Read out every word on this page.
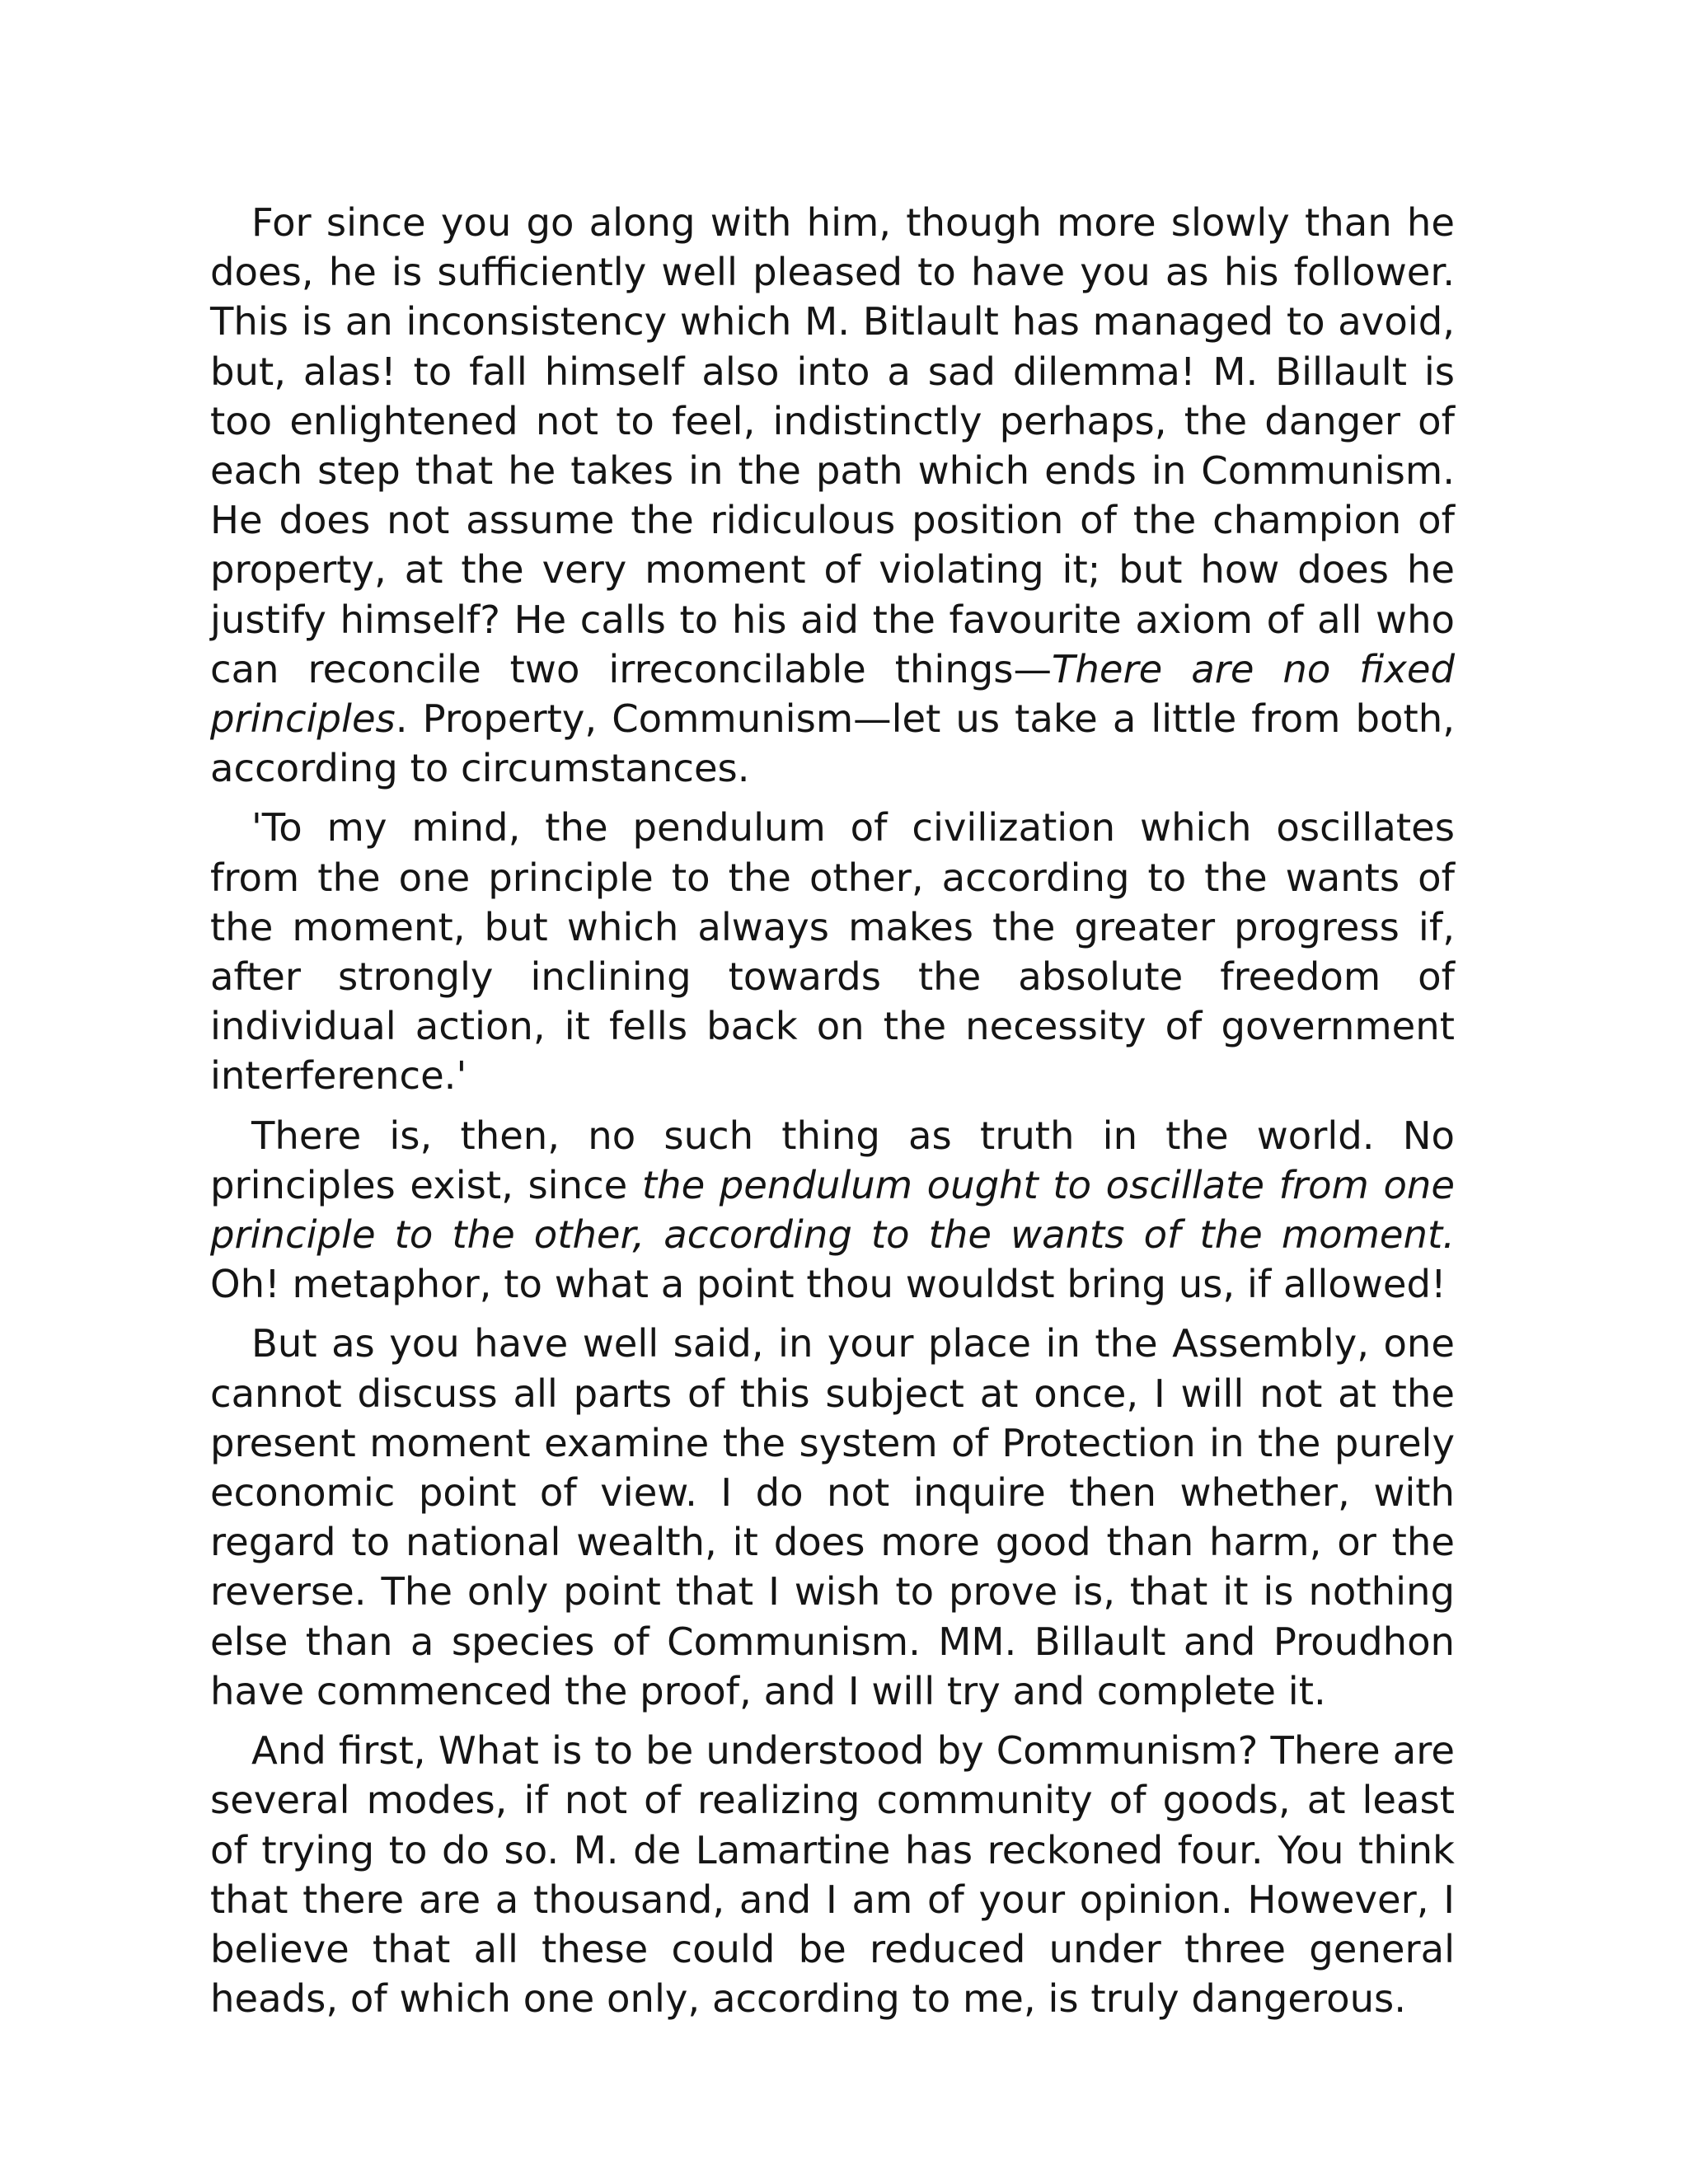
For since you go along with him, though more slowly than he does, he is sufficiently well pleased to have you as his follower. This is an inconsistency which M. Bitlault has managed to avoid, but, alas! to fall himself also into a sad dilemma! M. Billault is too enlightened not to feel, indistinctly perhaps, the danger of each step that he takes in the path which ends in Communism. He does not assume the ridiculous position of the champion of property, at the very moment of violating it; but how does he justify himself? He calls to his aid the favourite axiom of all who can reconcile two irreconcilable things—There are no fixed principles. Property, Communism—let us take a little from both, according to circumstances.

'To my mind, the pendulum of civilization which oscillates from the one principle to the other, according to the wants of the moment, but which always makes the greater progress if, after strongly inclining towards the absolute freedom of individual action, it fells back on the necessity of government interference.'

There is, then, no such thing as truth in the world. No principles exist, since the pendulum ought to oscillate from one principle to the other, according to the wants of the moment. Oh! metaphor, to what a point thou wouldst bring us, if allowed!

But as you have well said, in your place in the Assembly, one cannot discuss all parts of this subject at once, I will not at the present moment examine the system of Protection in the purely economic point of view. I do not inquire then whether, with regard to national wealth, it does more good than harm, or the reverse. The only point that I wish to prove is, that it is nothing else than a species of Communism. MM. Billault and Proudhon have commenced the proof, and I will try and complete it.

And first, What is to be understood by Communism? There are several modes, if not of realizing community of goods, at least of trying to do so. M. de Lamartine has reckoned four. You think that there are a thousand, and I am of your opinion. However, I believe that all these could be reduced under three general heads, of which one only, according to me, is truly dangerous.
